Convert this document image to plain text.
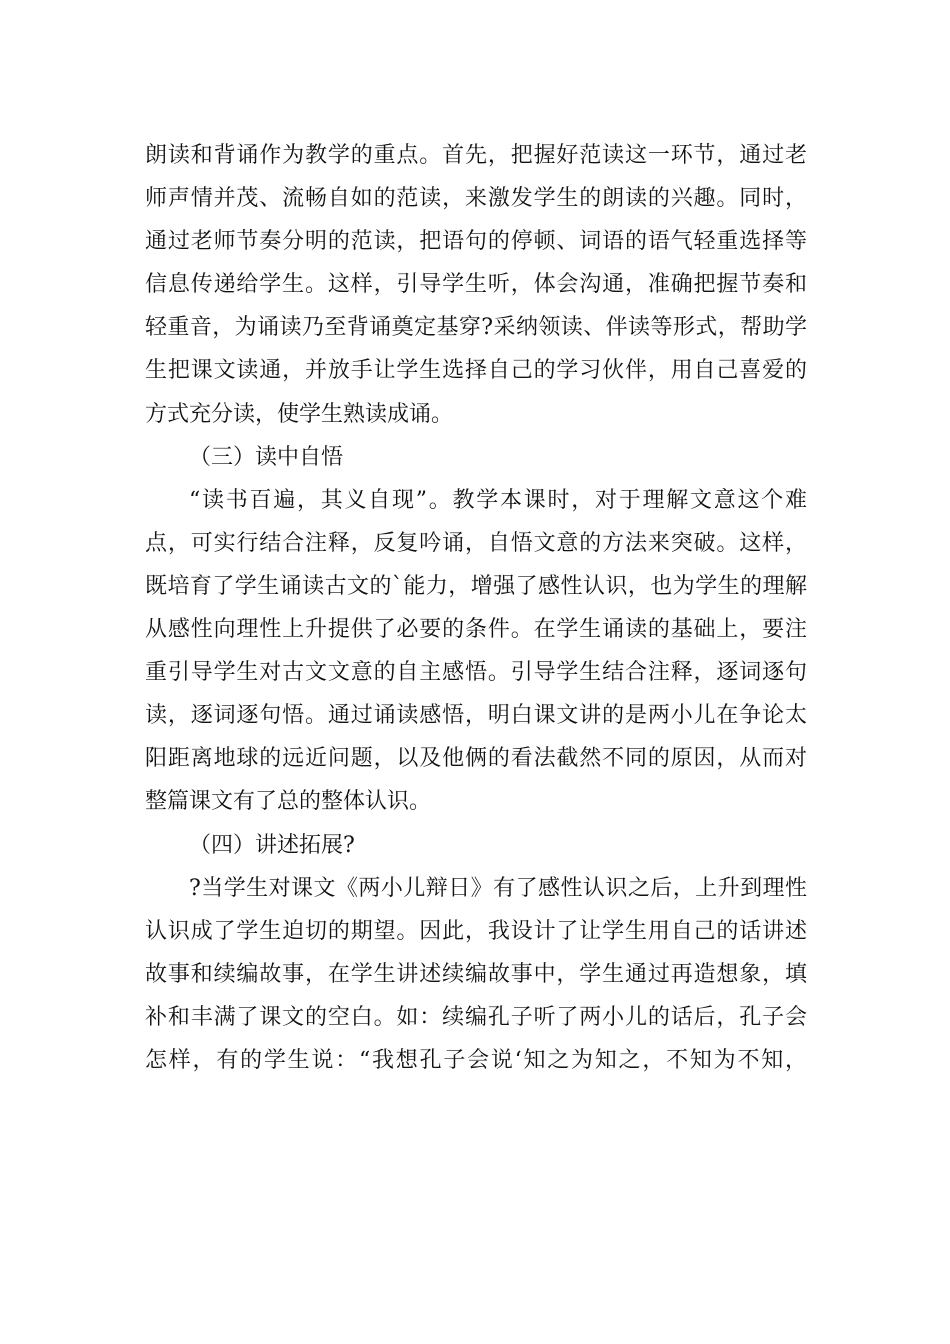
朗读和背诵作为教学的重点。首先，把握好范读这一环节，通过老
师声情并茂、流畅自如的范读，来激发学生的朗读的兴趣。同时，
通过老师节奏分明的范读，把语句的停顿、词语的语气轻重选择等
信息传递给学生。这样，引导学生听，体会沟通，准确把握节奏和
轻重音，为诵读乃至背诵奠定基穿?采纳领读、伴读等形式，帮助学
生把课文读通，并放手让学生选择自己的学习伙伴，用自己喜爱的
方式充分读，使学生熟读成诵。
（三）读中自悟
“读书百遍，其义自现”。教学本课时，对于理解文意这个难
点，可实行结合注释，反复吟诵，自悟文意的方法来突破。这样，
既培育了学生诵读古文的`能力，增强了感性认识，也为学生的理解
从感性向理性上升提供了必要的条件。在学生诵读的基础上，要注
重引导学生对古文文意的自主感悟。引导学生结合注释，逐词逐句
读，逐词逐句悟。通过诵读感悟，明白课文讲的是两小儿在争论太
阳距离地球的远近问题，以及他俩的看法截然不同的原因，从而对
整篇课文有了总的整体认识。
（四）讲述拓展?
?当学生对课文《两小儿辩日》有了感性认识之后，上升到理性
认识成了学生迫切的期望。因此，我设计了让学生用自己的话讲述
故事和续编故事，在学生讲述续编故事中，学生通过再造想象，填
补和丰满了课文的空白。如：续编孔子听了两小儿的话后，孔子会
怎样，有的学生说：“我想孔子会说‘知之为知之，不知为不知，
